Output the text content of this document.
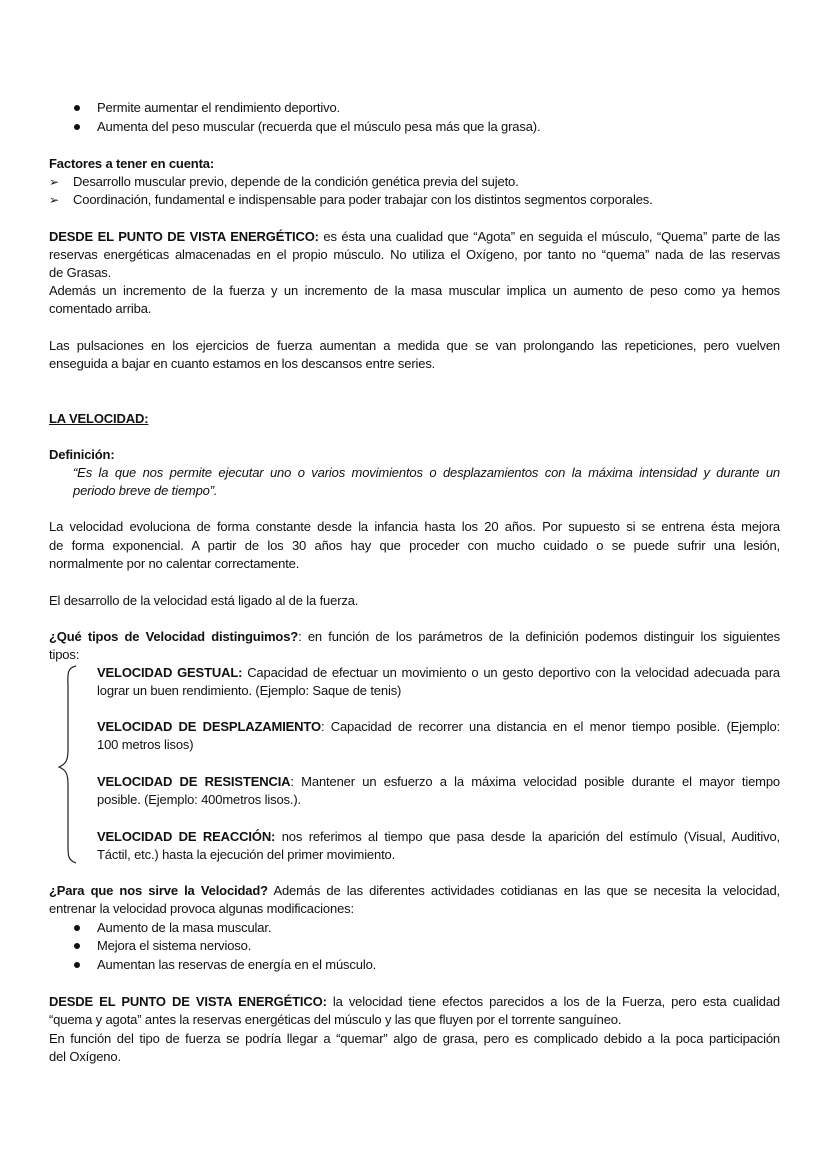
Permite aumentar el rendimiento deportivo.
Aumenta del peso muscular (recuerda que el músculo pesa más que la grasa).
Factores a tener en cuenta:
➢ Desarrollo muscular previo, depende de la condición genética previa del sujeto.
➢ Coordinación, fundamental e indispensable para poder trabajar con los distintos segmentos corporales.
DESDE EL PUNTO DE VISTA ENERGÉTICO: es ésta una cualidad que “Agota” en seguida el músculo, “Quema” parte de las
reservas energéticas almacenadas en el propio músculo. No utiliza el Oxígeno, por tanto no “quema” nada de las reservas
de Grasas.
Además un incremento de la fuerza y un incremento de la masa muscular implica un aumento de peso como ya hemos
comentado arriba.
Las pulsaciones en los ejercicios de fuerza aumentan a medida que se van prolongando las repeticiones, pero vuelven
enseguida a bajar en cuanto estamos en los descansos entre series.
LA VELOCIDAD:
Definición:
“Es la que nos permite ejecutar uno o varios movimientos o desplazamientos con la máxima intensidad y durante un
periodo breve de tiempo”.
La velocidad evoluciona de forma constante desde la infancia hasta los 20 años. Por supuesto si se entrena ésta mejora
de forma exponencial. A partir de los 30 años hay que proceder con mucho cuidado o se puede sufrir una lesión,
normalmente por no calentar correctamente.
El desarrollo de la velocidad está ligado al de la fuerza.
¿Qué tipos de Velocidad distinguimos?: en función de los parámetros de la definición podemos distinguir los siguientes
tipos:
VELOCIDAD GESTUAL: Capacidad de efectuar un movimiento o un gesto deportivo con la velocidad adecuada para
lograr un buen rendimiento. (Ejemplo: Saque de tenis)
VELOCIDAD DE DESPLAZAMIENTO: Capacidad de recorrer una distancia en el menor tiempo posible. (Ejemplo:
100 metros lisos)
VELOCIDAD DE RESISTENCIA: Mantener un esfuerzo a la máxima velocidad posible durante el mayor tiempo
posible. (Ejemplo: 400metros lisos.).
VELOCIDAD DE REACCIÓN: nos referimos al tiempo que pasa desde la aparición del estímulo (Visual, Auditivo,
Táctil, etc.) hasta la ejecución del primer movimiento.
¿Para que nos sirve la Velocidad? Además de las diferentes actividades cotidianas en las que se necesita la velocidad,
entrenar la velocidad provoca algunas modificaciones:
Aumento de la masa muscular.
Mejora el sistema nervioso.
Aumentan las reservas de energía en el músculo.
DESDE EL PUNTO DE VISTA ENERGÉTICO: la velocidad tiene efectos parecidos a los de la Fuerza, pero esta cualidad
“quema y agota” antes la reservas energéticas del músculo y las que fluyen por el torrente sanguíneo.
En función del tipo de fuerza se podría llegar a “quemar” algo de grasa, pero es complicado debido a la poca participación
del Oxígeno.
